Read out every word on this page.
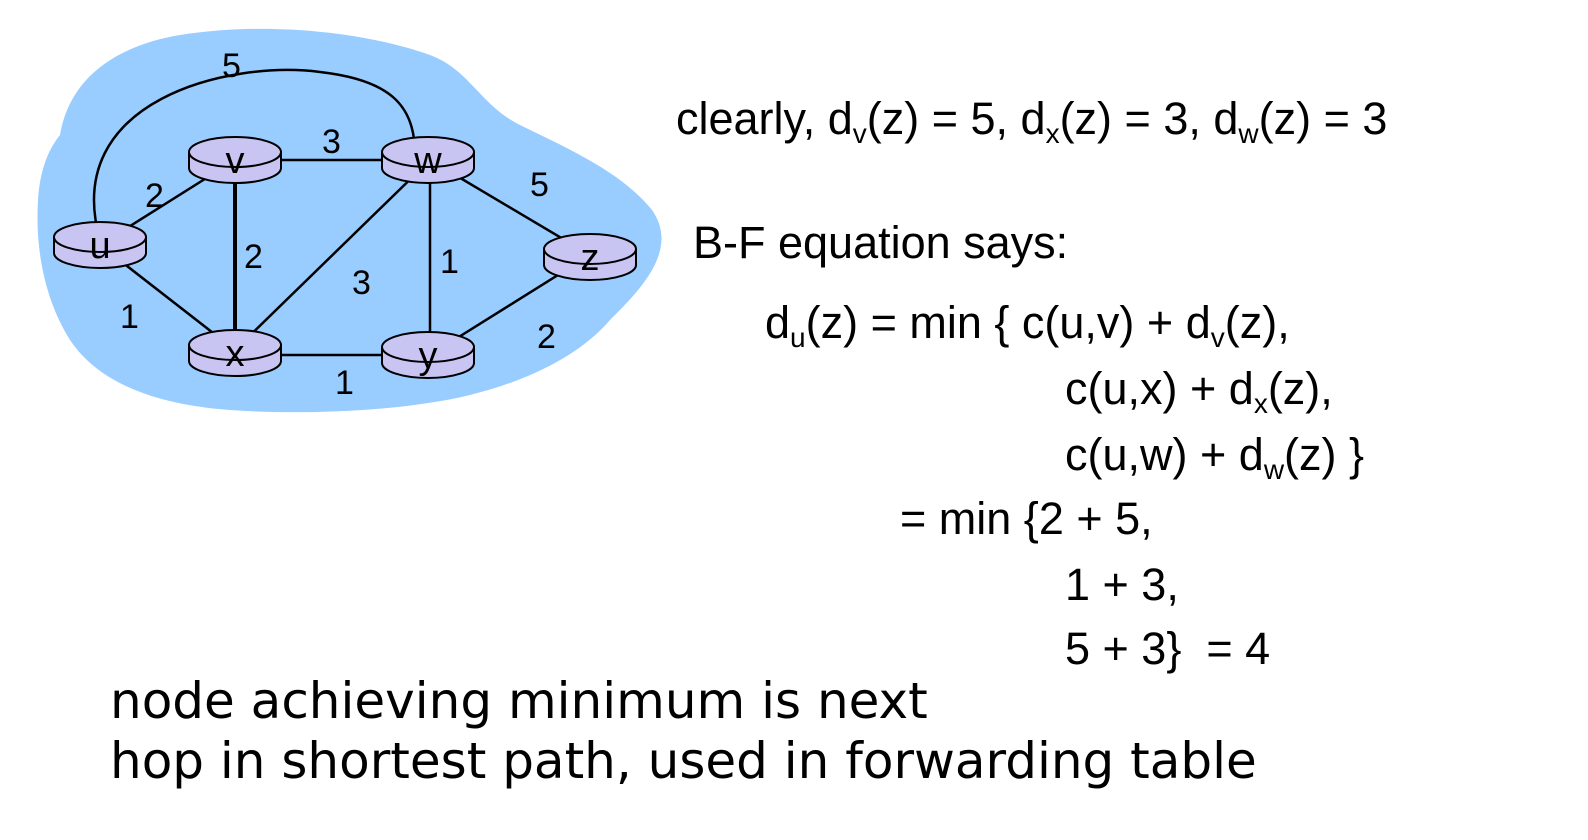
5
3
2	5
2	1
3
1
2
1
u
v	w
x	y
z
clearly, $d_v(z) = 5$, $d_x(z) = 3$, $d_w(z) = 3$
B-F equation says:
$d_u(z) = \min$ { $c(u,v) + d_v(z)$,
$c(u,x) + d_x(z)$,
$c(u,w) + d_w(z)$ }
= min {2 + 5,
1 + 3,
5 + 3}  = 4
node achieving minimum is next
hop in shortest path, used in forwarding table
